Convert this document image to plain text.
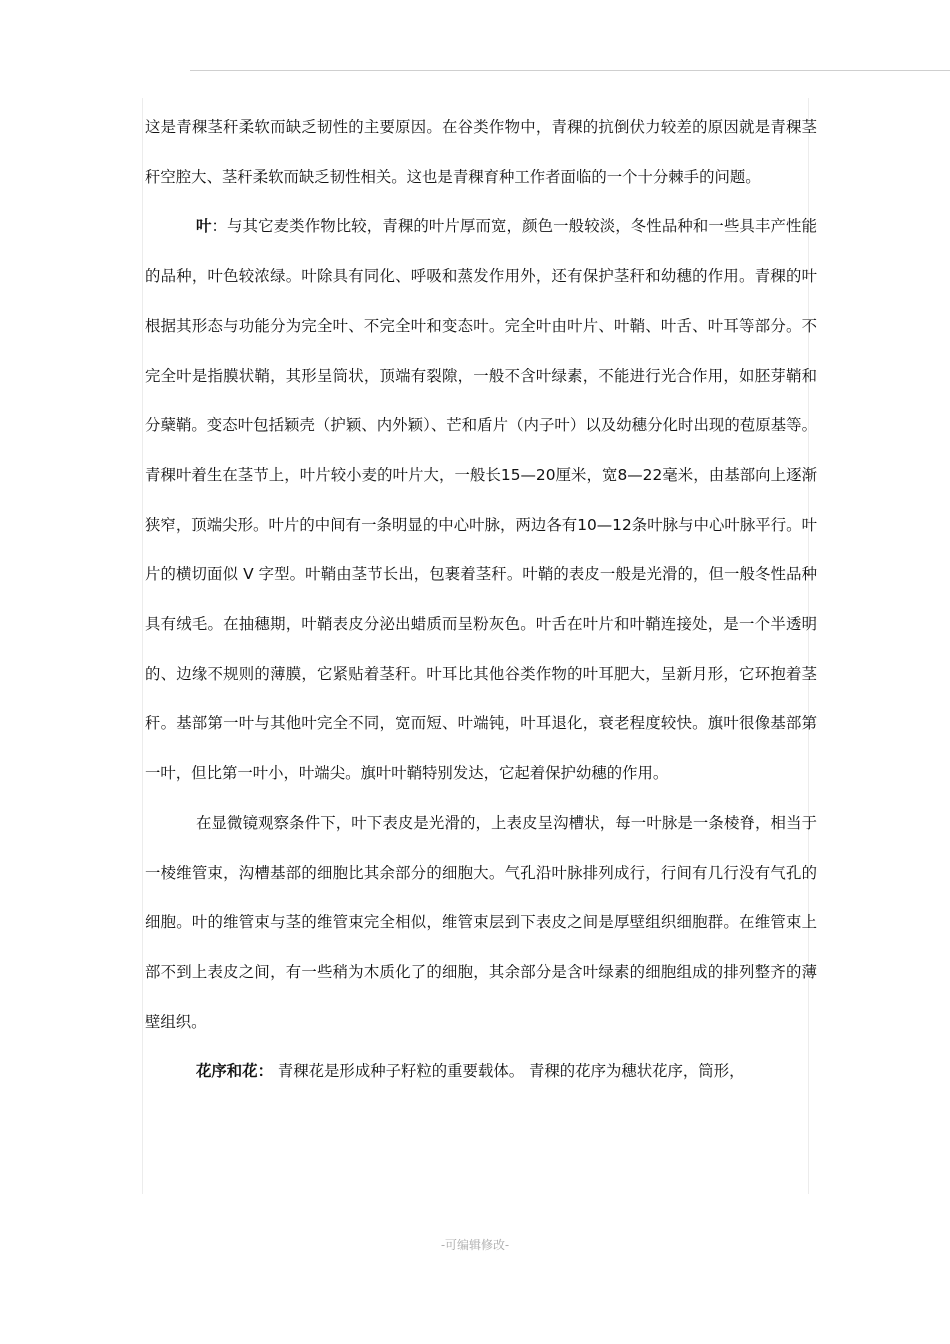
这是青稞茎秆柔软而缺乏韧性的主要原因。在谷类作物中，青稞的抗倒伏力较差的原因就是青稞茎秆空腔大、茎秆柔软而缺乏韧性相关。这也是青稞育种工作者面临的一个十分棘手的问题。

叶：与其它麦类作物比较，青稞的叶片厚而宽，颜色一般较淡，冬性品种和一些具丰产性能的品种，叶色较浓绿。叶除具有同化、呼吸和蒸发作用外，还有保护茎秆和幼穗的作用。青稞的叶根据其形态与功能分为完全叶、不完全叶和变态叶。完全叶由叶片、叶鞘、叶舌、叶耳等部分。不完全叶是指膜状鞘，其形呈筒状，顶端有裂隙，一般不含叶绿素，不能进行光合作用，如胚芽鞘和分蘖鞘。变态叶包括颖壳（护颖、内外颖）、芒和盾片（内子叶）以及幼穗分化时出现的苞原基等。青稞叶着生在茎节上，叶片较小麦的叶片大，一般长15—20厘米，宽8—22毫米，由基部向上逐渐狭窄，顶端尖形。叶片的中间有一条明显的中心叶脉，两边各有10—12条叶脉与中心叶脉平行。叶片的横切面似 V 字型。叶鞘由茎节长出，包裹着茎秆。叶鞘的表皮一般是光滑的，但一般冬性品种具有绒毛。在抽穗期，叶鞘表皮分泌出蜡质而呈粉灰色。叶舌在叶片和叶鞘连接处，是一个半透明的、边缘不规则的薄膜，它紧贴着茎秆。叶耳比其他谷类作物的叶耳肥大，呈新月形，它环抱着茎秆。基部第一叶与其他叶完全不同，宽而短、叶端钝，叶耳退化，衰老程度较快。旗叶很像基部第一叶，但比第一叶小，叶端尖。旗叶叶鞘特别发达，它起着保护幼穗的作用。

在显微镜观察条件下，叶下表皮是光滑的，上表皮呈沟槽状，每一叶脉是一条棱脊，相当于一棱维管束，沟槽基部的细胞比其余部分的细胞大。气孔沿叶脉排列成行，行间有几行没有气孔的细胞。叶的维管束与茎的维管束完全相似，维管束层到下表皮之间是厚壁组织细胞群。在维管束上部不到上表皮之间，有一些稍为木质化了的细胞，其余部分是含叶绿素的细胞组成的排列整齐的薄壁组织。

花序和花： 青稞花是形成种子籽粒的重要载体。 青稞的花序为穗状花序，筒形，

-可编辑修改-
